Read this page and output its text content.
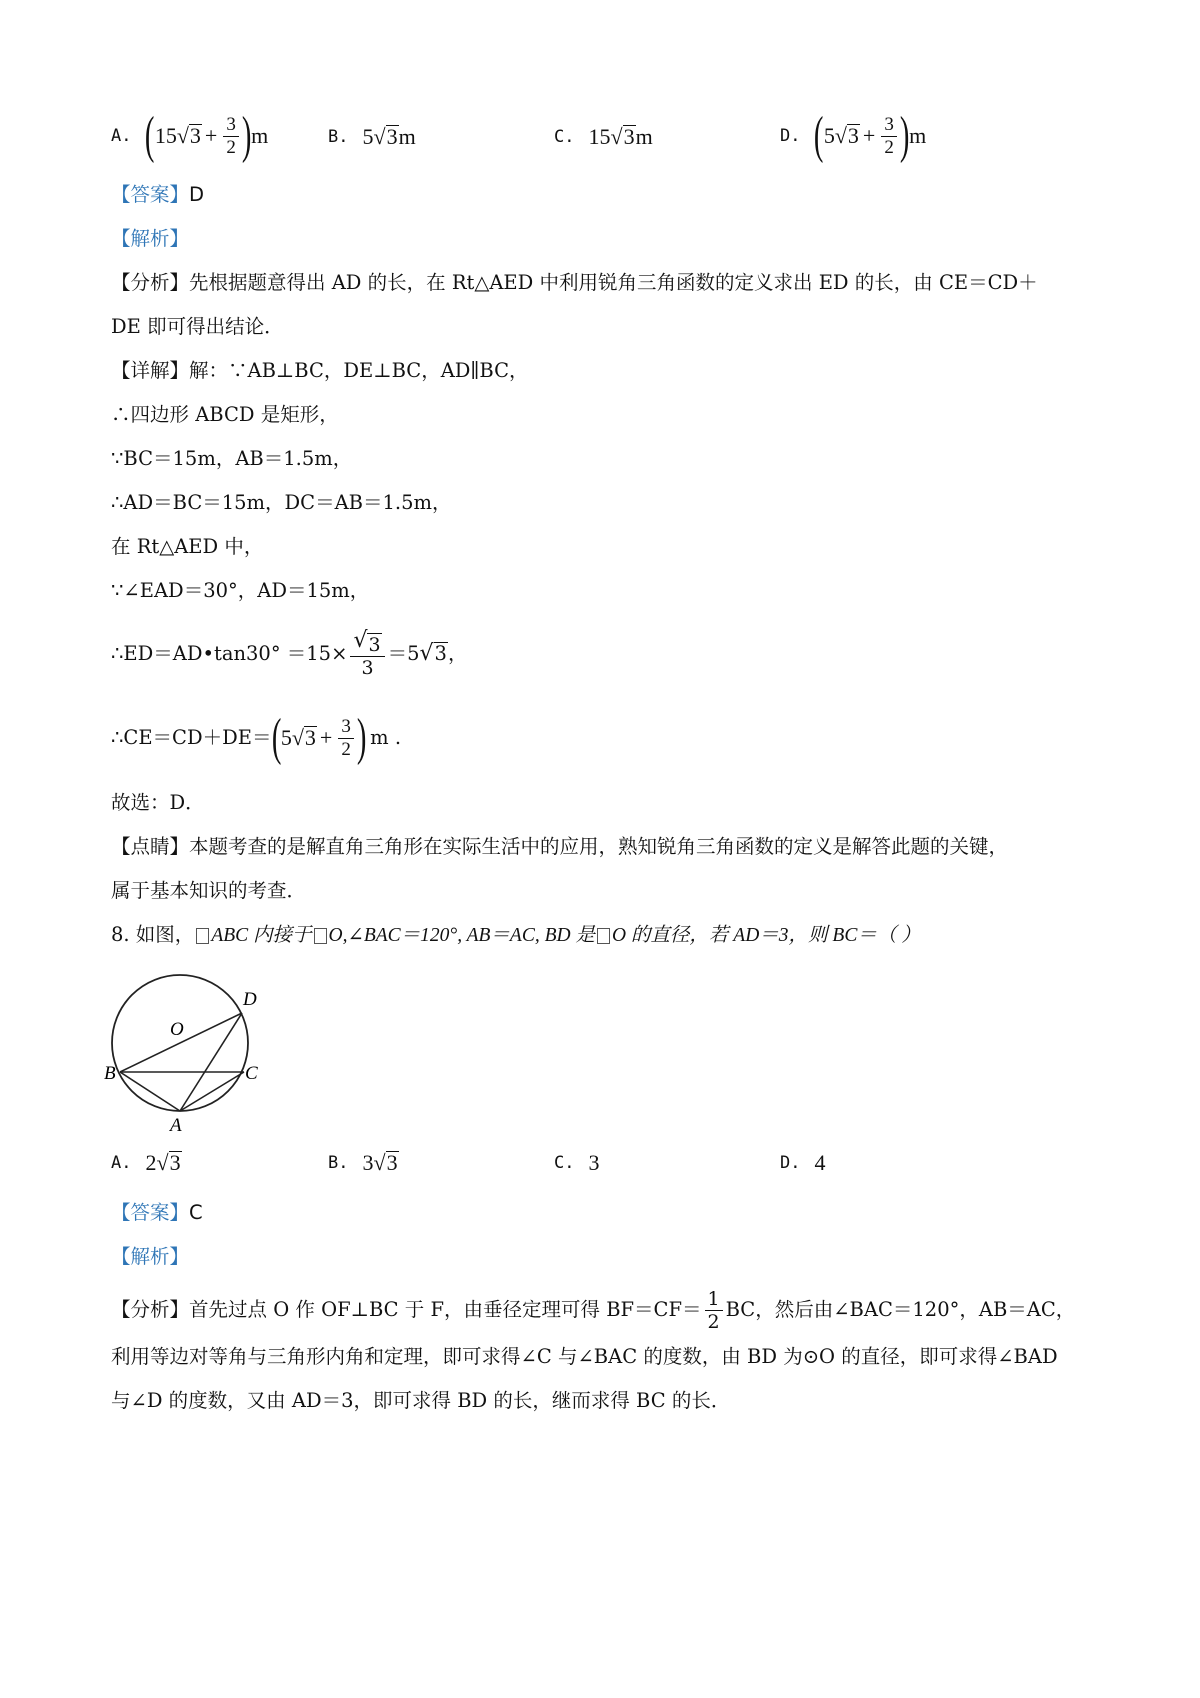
A. ( 15 √ $3 + \frac{3}{2}$ ) m	B. 5 √ 3 m	C. 15 √ 3 m	D. ( 5 √ $3 + \frac{3}{2}$ ) m
【答案】D
【解析】
【分析】先根据题意得出 AD 的长，在 Rt△AED 中利用锐角三角函数的定义求出 ED 的长，由 CE＝CD＋
DE 即可得出结论．
【详解】解：∵AB⊥BC，DE⊥BC，AD∥BC，
∴四边形 ABCD 是矩形，
∵BC＝15m，AB＝1.5m，
∴AD＝BC＝15m，DC＝AB＝1.5m，
在 Rt△AED 中，
∵∠EAD＝30°，AD＝15m，
∴ED＝AD•tan30° $=15\times \frac{√ 3}{3} =5$ √ 3 ，
∴CE＝CD＋DE＝ ( 5 √ $3 + \frac{3}{2}$ ) m .
故选：D．
【点睛】本题考查的是解直角三角形在实际生活中的应用，熟知锐角三角函数的定义是解答此题的关键，
属于基本知识的考查．
8. 如图， ABC 内接于 O,∠BAC＝120°, AB＝AC, BD 是 O 的直径，若 AD＝3，则 BC＝（ ）
O
D
B	C
A
A. 2 √ 3	B. 3 √ 3	C. 3	D. 4
【答案】C
【解析】
【分析】 首先过点 O 作 OF⊥BC 于 F，由垂径定理可得 $BF=CF= \frac{1}{2}$ BC，然后由∠BAC＝120°，AB＝AC，
利用等边对等角与三角形内角和定理，即可求得∠C 与∠BAC 的度数，由 BD 为⊙O 的直径，即可求得∠BAD
与∠D 的度数，又由 AD＝3，即可求得 BD 的长，继而求得 BC 的长．
